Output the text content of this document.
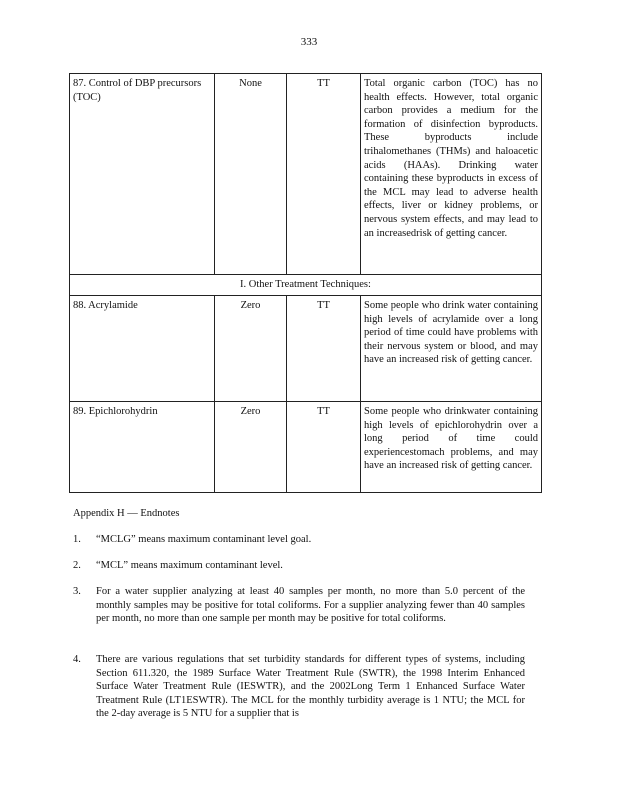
333
87. Control of DBP precursors (TOC)	None	TT	Total organic carbon (TOC) has no health effects. However, total organic carbon provides a medium for the formation of disinfection byproducts. These byproducts include trihalomethanes (THMs) and haloacetic acids (HAAs). Drinking water containing these byproducts in excess of the MCL may lead to adverse health effects, liver or kidney problems, or nervous system effects, and may lead to an increasedrisk of getting cancer.
I. Other Treatment Techniques:			
88. Acrylamide	Zero	TT	Some people who drink water containing high levels of acrylamide over a long period of time could have problems with their nervous system or blood, and may have an increased risk of getting cancer.
89. Epichlorohydrin	Zero	TT	Some people who drinkwater containing high levels of epichlorohydrin over a long period of time could experiencestomach problems, and may have an increased risk of getting cancer.
Appendix H — Endnotes
1. “MCLG” means maximum contaminant level goal.
2. “MCL” means maximum contaminant level.
3. For a water supplier analyzing at least 40 samples per month, no more than 5.0 percent of the monthly samples may be positive for total coliforms. For a supplier analyzing fewer than 40 samples per month, no more than one sample per month may be positive for total coliforms.
4. There are various regulations that set turbidity standards for different types of systems, including Section 611.320, the 1989 Surface Water Treatment Rule (SWTR), the 1998 Interim Enhanced Surface Water Treatment Rule (IESWTR), and the 2002Long Term 1 Enhanced Surface Water Treatment Rule (LT1ESWTR). The MCL for the monthly turbidity average is 1 NTU; the MCL for the 2-day average is 5 NTU for a supplier that is
